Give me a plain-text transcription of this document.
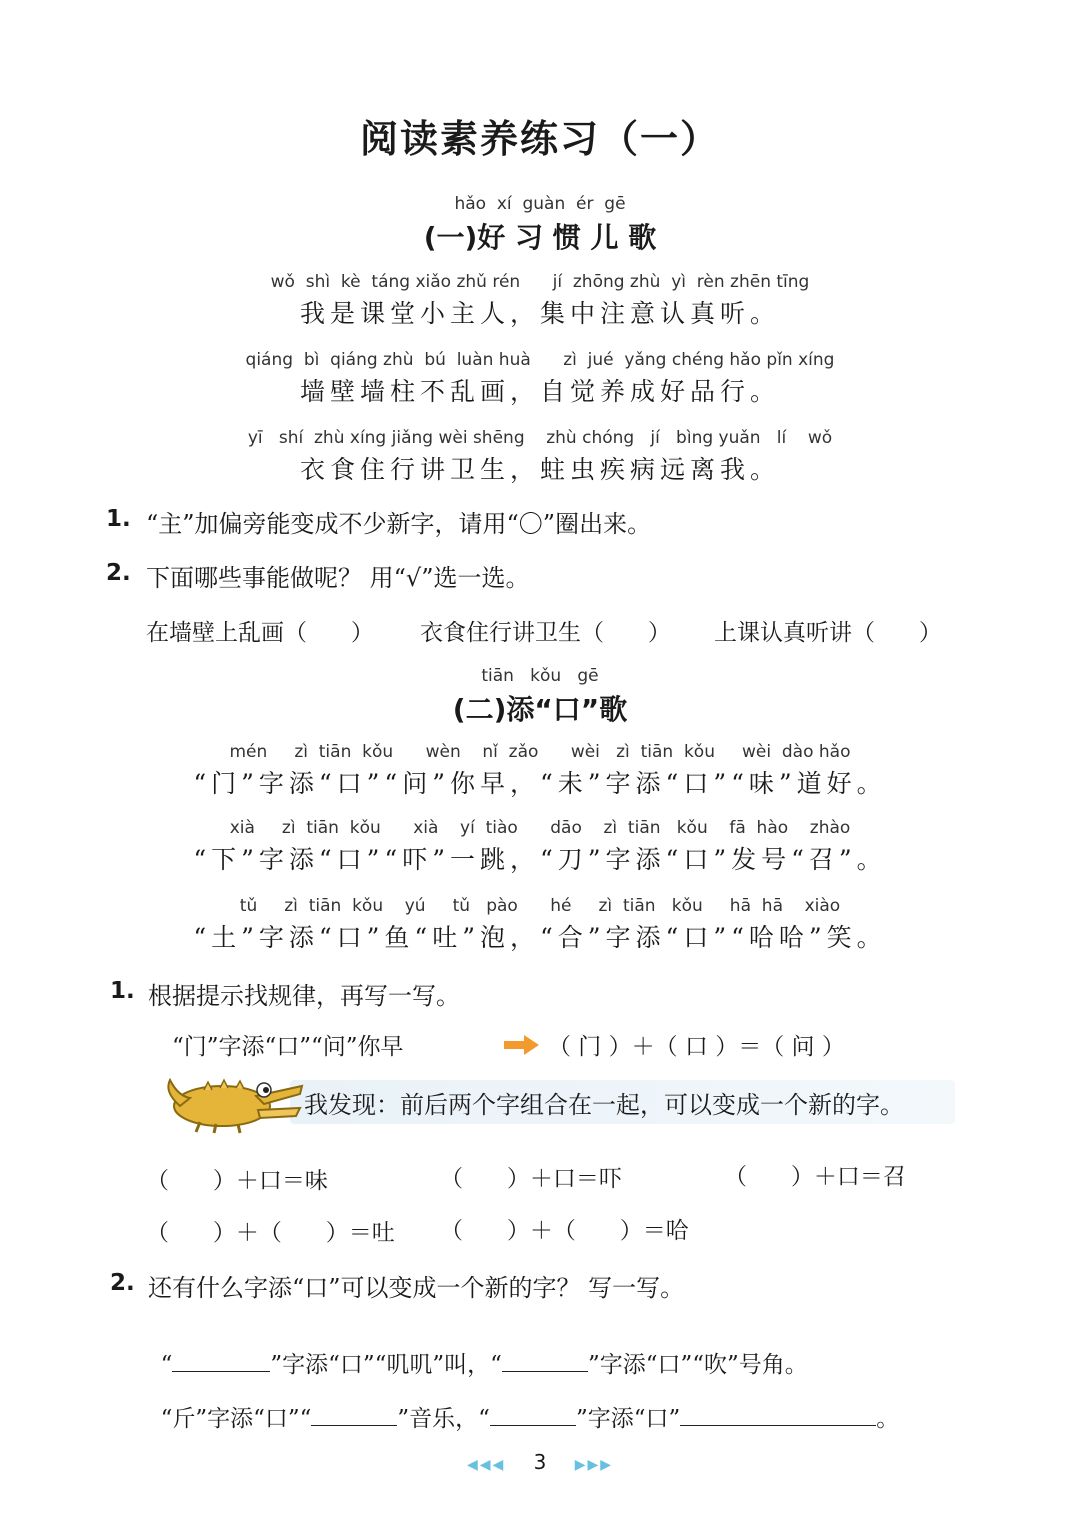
阅读素养练习（一）
hǎo  xí  guàn  ér  gē
(一)好 习 惯 儿 歌
wǒ  shì  kè  táng xiǎo zhǔ rén      jí  zhōng zhù  yì  rèn zhēn tīng
我是课堂小主人，集中注意认真听。
qiáng  bì  qiáng zhù  bú  luàn huà      zì  jué  yǎng chéng hǎo pǐn xíng
墙壁墙柱不乱画，自觉养成好品行。
yī   shí  zhù xíng jiǎng wèi shēng    zhù chóng   jí   bìng yuǎn   lí    wǒ
衣食住行讲卫生，蛀虫疾病远离我。
1. “主”加偏旁能变成不少新字，请用“〇”圈出来。
2. 下面哪些事能做呢？ 用“√”选一选。
在墙壁上乱画（      ） 衣食住行讲卫生（      ） 上课认真听讲（      ）
tiān   kǒu   gē
(二)添“口”歌
mén     zì  tiān  kǒu      wèn    nǐ  zǎo      wèi   zì  tiān  kǒu     wèi  dào hǎo
“门”字添“口”“问”你早，“未”字添“口”“味”道好。
xià     zì  tiān  kǒu      xià    yí  tiào      dāo    zì  tiān   kǒu    fā  hào    zhào
“下”字添“口”“吓”一跳，“刀”字添“口”发号“召”。
tǔ     zì  tiān  kǒu    yú     tǔ   pào      hé     zì  tiān   kǒu     hā  hā    xiào
“土”字添“口”鱼“吐”泡，“合”字添“口”“哈哈”笑。
1. 根据提示找规律，再写一写。
“门”字添“口”“问”你早	（ 门 ）＋（ 口 ）＝（ 问 ）
我发现：前后两个字组合在一起，可以变成一个新的字。
（      ）＋口＝味	（      ）＋口＝吓	（      ）＋口＝召
（      ）＋（      ）＝吐 （      ）＋（      ）＝哈
2. 还有什么字添“口”可以变成一个新的字？ 写一写。

“	”字添“口”“叽叽”叫，“	”字添“口”“吹”号角。

“斤”字添“口”“	”音乐，“	”字添“口”	。

◀◀◀ 3 ▶▶▶
